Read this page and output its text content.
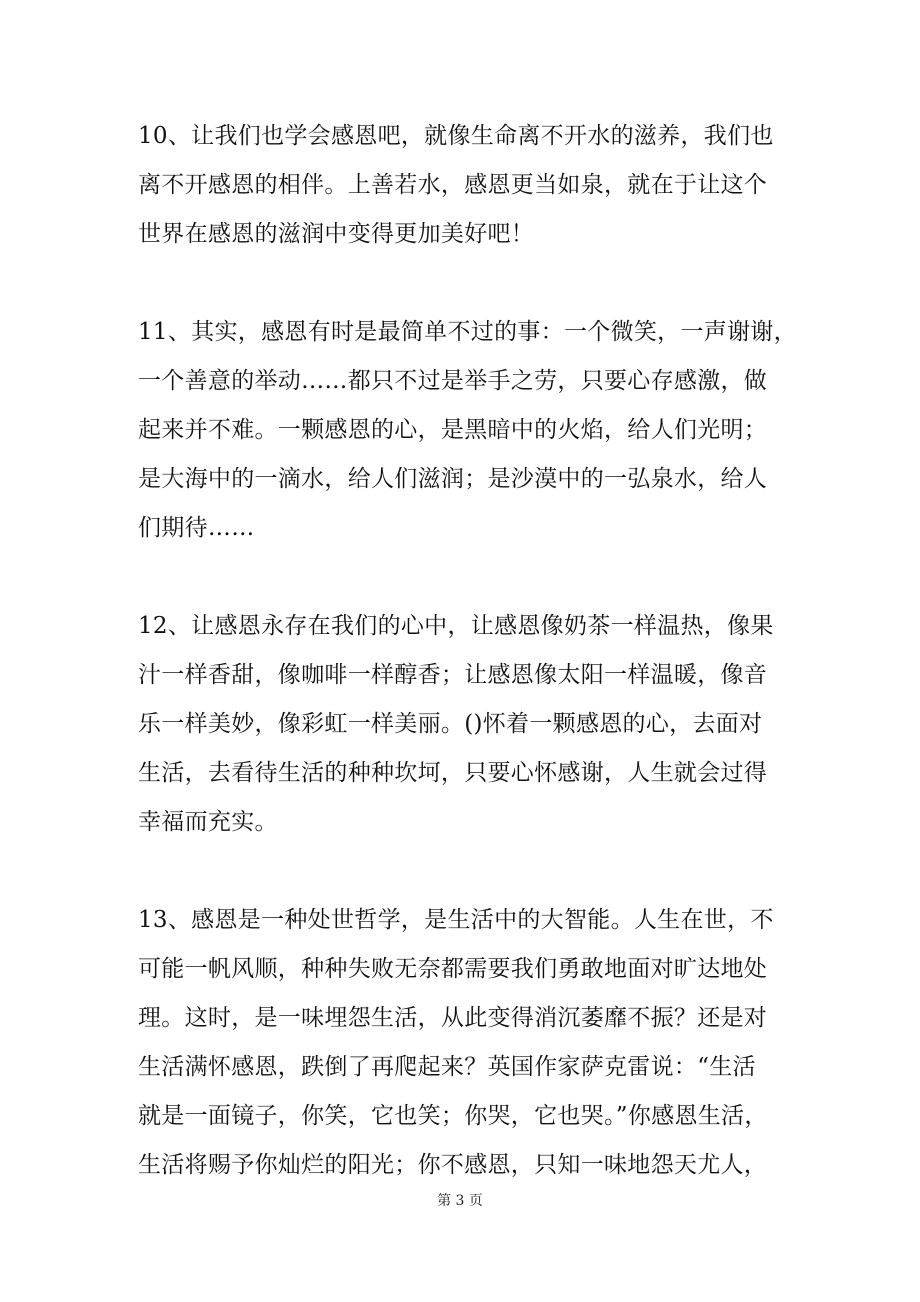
10、让我们也学会感恩吧，就像生命离不开水的滋养，我们也
离不开感恩的相伴。上善若水，感恩更当如泉，就在于让这个
世界在感恩的滋润中变得更加美好吧！

11、其实，感恩有时是最简单不过的事：一个微笑，一声谢谢，
一个善意的举动……都只不过是举手之劳，只要心存感激，做
起来并不难。一颗感恩的心，是黑暗中的火焰，给人们光明；
是大海中的一滴水，给人们滋润；是沙漠中的一弘泉水，给人
们期待……

12、让感恩永存在我们的心中，让感恩像奶茶一样温热，像果
汁一样香甜，像咖啡一样醇香；让感恩像太阳一样温暖，像音
乐一样美妙，像彩虹一样美丽。()怀着一颗感恩的心，去面对
生活，去看待生活的种种坎坷，只要心怀感谢，人生就会过得
幸福而充实。

13、感恩是一种处世哲学，是生活中的大智能。人生在世，不
可能一帆风顺，种种失败无奈都需要我们勇敢地面对旷达地处
理。这时，是一味埋怨生活，从此变得消沉萎靡不振？还是对
生活满怀感恩，跌倒了再爬起来？英国作家萨克雷说：“生活
就是一面镜子，你笑，它也笑；你哭，它也哭。”你感恩生活，
生活将赐予你灿烂的阳光；你不感恩，只知一味地怨天尤人，

第 3 页
